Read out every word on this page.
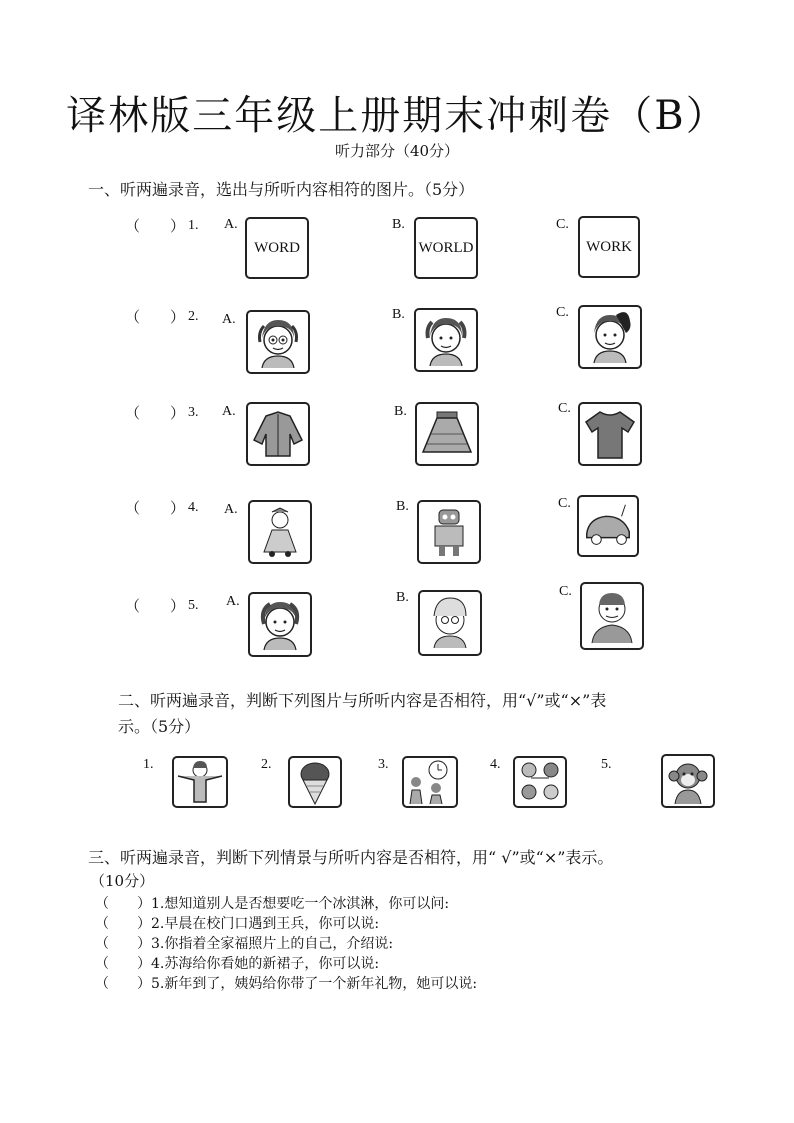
译林版三年级上册期末冲刺卷（B）
听力部分（40分）
一、听两遍录音，选出与所听内容相符的图片。（5分）
（　　） 1. A.
WORD
B.
WORLD
C.
WORK
（　　） 2. A.	B.	C.
（　　） 3. A.	B.	C.
（　　） 4. A.	B.	C.
（　　） 5. A.	B.	C.
二、听两遍录音，判断下列图片与所听内容是否相符，用“√”或“×”表
示。（5分）
1.	2.	3.	4.	5.
三、听两遍录音，判断下列情景与所听内容是否相符，用“ √”或“×”表示。
（10分）
（　　）1.想知道别人是否想要吃一个冰淇淋，你可以问:
（　　）2.早晨在校门口遇到王兵，你可以说:
（　　）3.你指着全家福照片上的自己，介绍说:
（　　）4.苏海给你看她的新裙子，你可以说:
（　　）5.新年到了，姨妈给你带了一个新年礼物，她可以说:
